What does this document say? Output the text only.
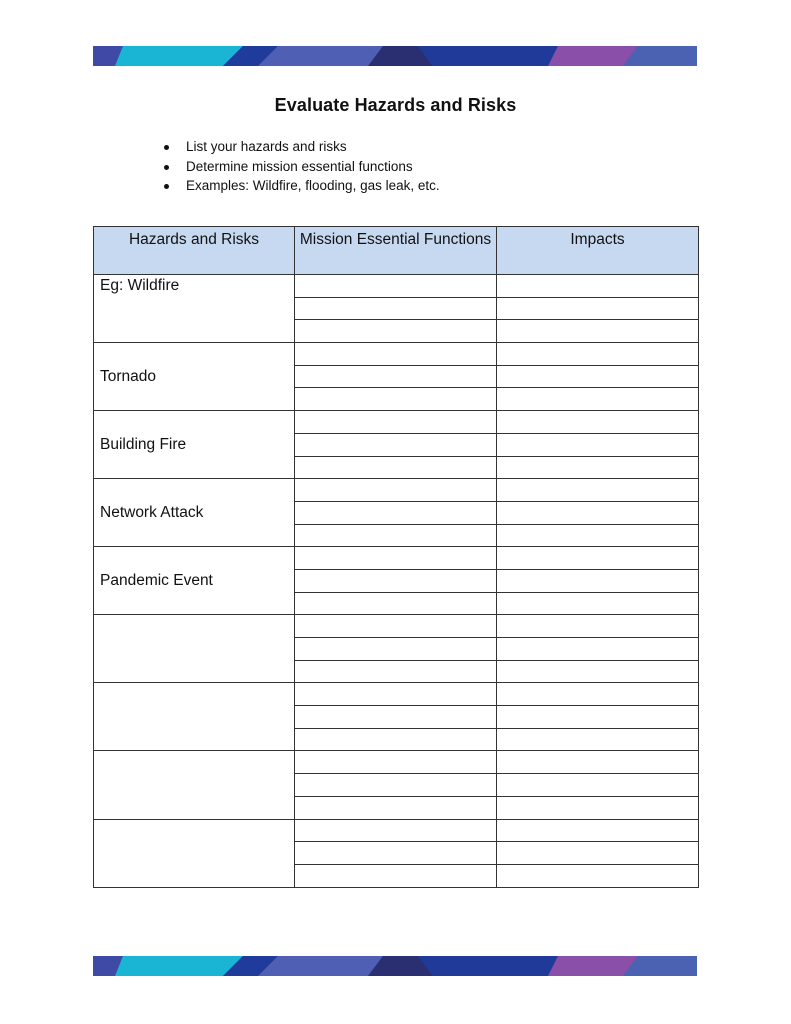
Evaluate Hazards and Risks
List your hazards and risks
Determine mission essential functions
Examples: Wildfire, flooding, gas leak, etc.
Hazards and Risks	Mission Essential Functions	Impacts
Eg: Wildfire		

Tornado		

Building Fire		

Network Attack		

Pandemic Event		
